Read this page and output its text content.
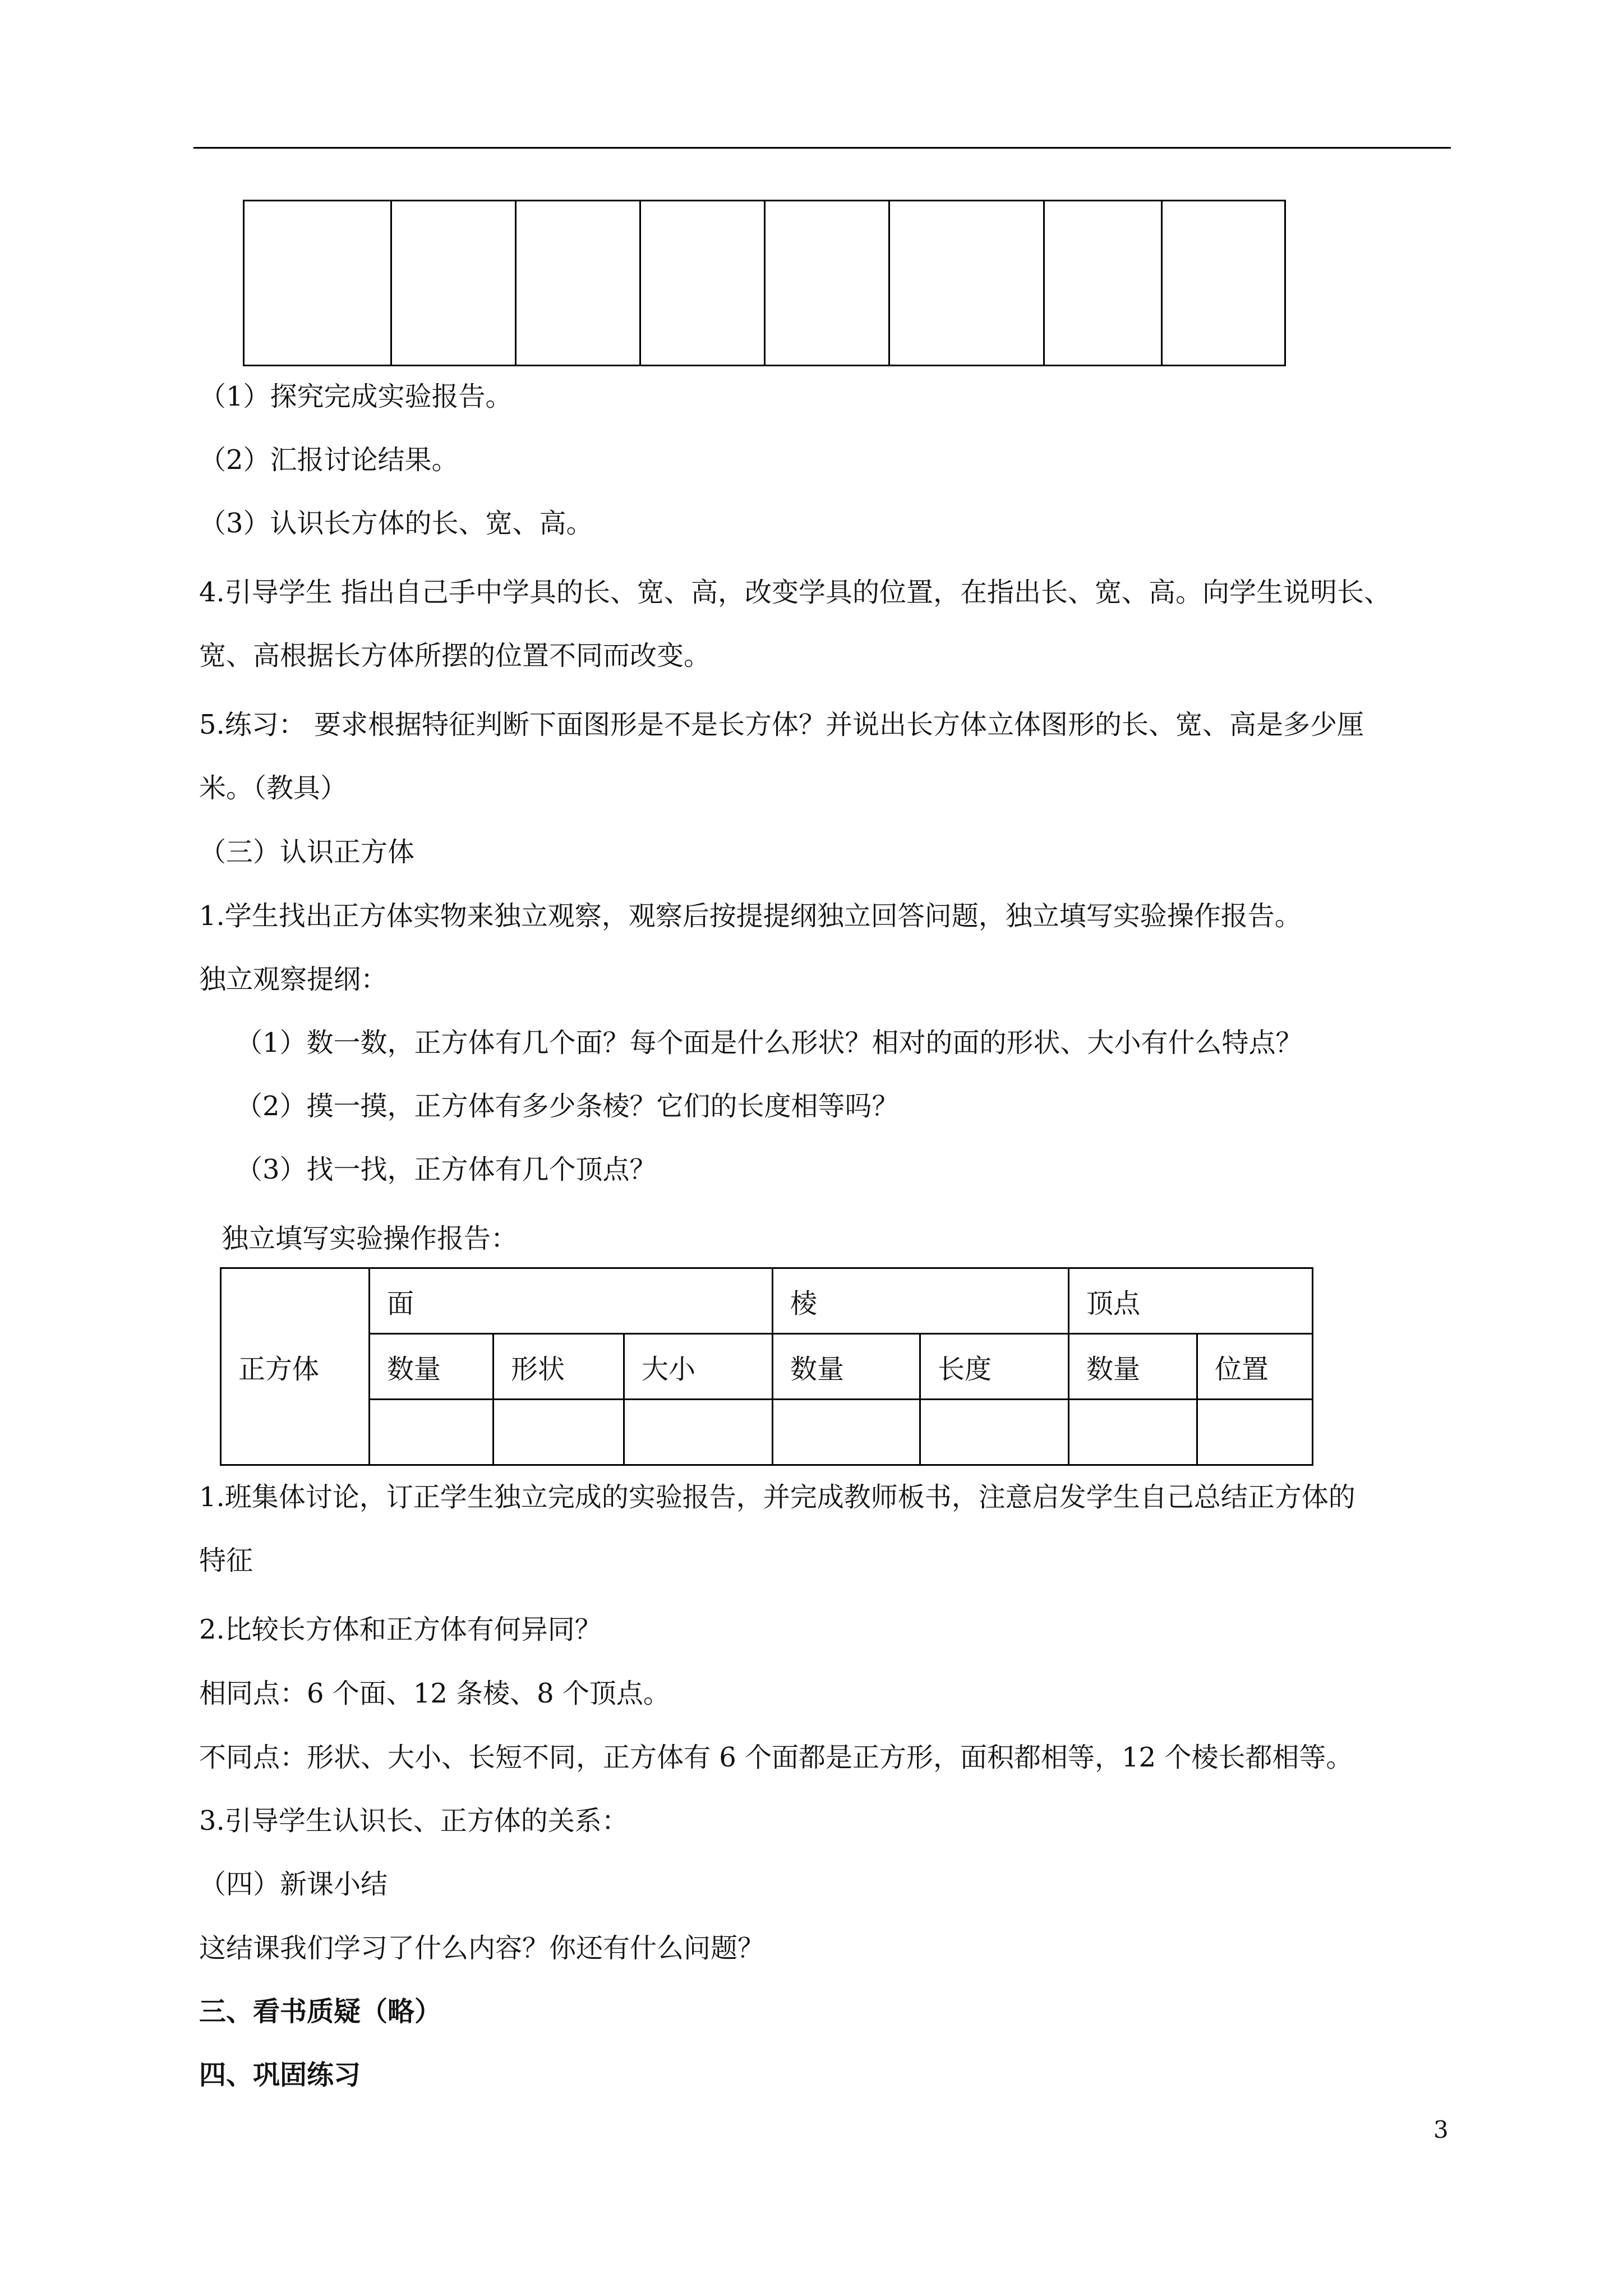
（1）探究完成实验报告。
（2）汇报讨论结果。
（3）认识长方体的长、宽、高。
4.引导学生 指出自己手中学具的长、宽、高，改变学具的位置，在指出长、宽、高。向学生说明长、
宽、高根据长方体所摆的位置不同而改变。
5.练习： 要求根据特征判断下面图形是不是长方体？并说出长方体立体图形的长、宽、高是多少厘
米。（教具）
（三）认识正方体
1.学生找出正方体实物来独立观察，观察后按提提纲独立回答问题，独立填写实验操作报告。
独立观察提纲：
（1）数一数，正方体有几个面？每个面是什么形状？相对的面的形状、大小有什么特点？
（2）摸一摸，正方体有多少条棱？它们的长度相等吗？
（3）找一找，正方体有几个顶点？
独立填写实验操作报告：
正方体	面			棱		顶点	
	数量	形状	大小	数量	长度	数量	位置

1.班集体讨论，订正学生独立完成的实验报告，并完成教师板书，注意启发学生自己总结正方体的
特征
2.比较长方体和正方体有何异同？
相同点：6 个面、12 条棱、8 个顶点。
不同点：形状、大小、长短不同，正方体有 6 个面都是正方形，面积都相等，12 个棱长都相等。
3.引导学生认识长、正方体的关系：
（四）新课小结
这结课我们学习了什么内容？你还有什么问题？
三、看书质疑（略）
四、巩固练习
3
